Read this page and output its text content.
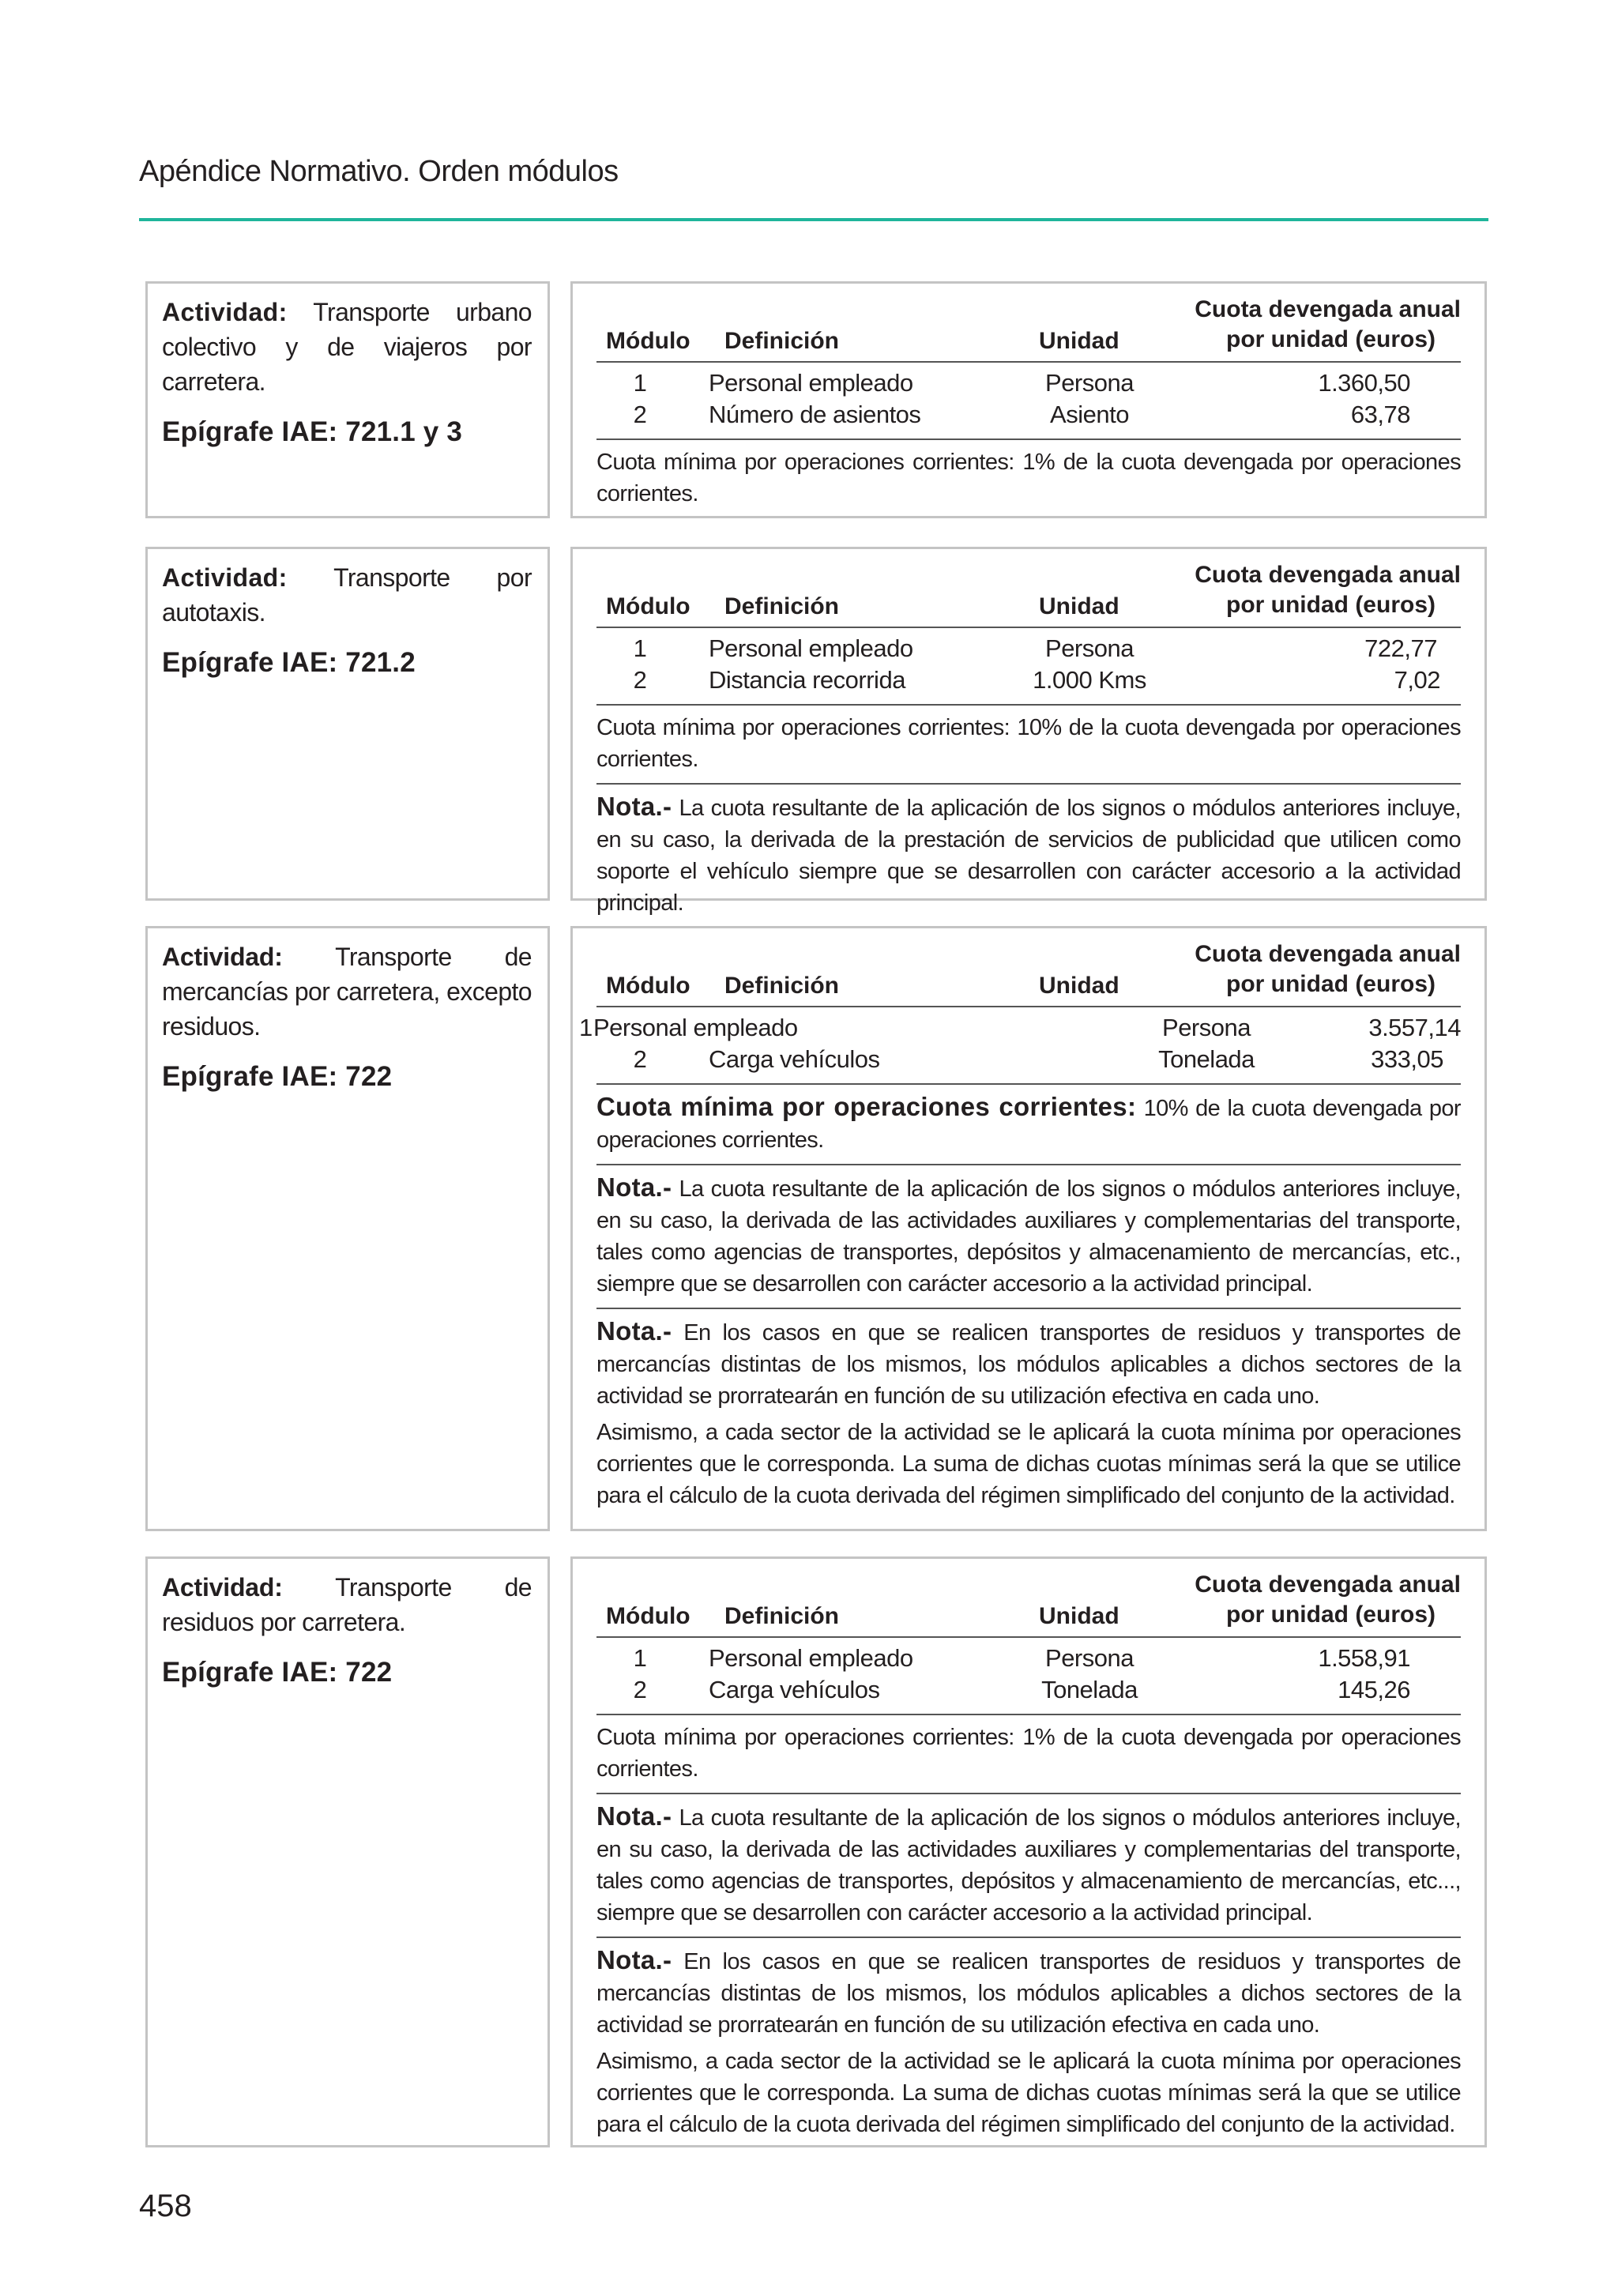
Apéndice Normativo. Orden módulos

Actividad: Transporte urbano colectivo y de viajeros por carretera.

Epígrafe IAE: 721.1 y 3
Módulo Definición	Unidad
Cuota devengada anual
por unidad (euros)
1	Personal empleado	Persona	1.360,50
2	Número de asientos	Asiento	63,78

Cuota mínima por operaciones corrientes: 1% de la cuota devengada por operaciones corrientes.

Actividad: Transporte por autotaxis.

Epígrafe IAE: 721.2
Módulo Definición	Unidad
Cuota devengada anual
por unidad (euros)
1	Personal empleado	Persona	722,77
2	Distancia recorrida	1.000 Kms	7,02

Cuota mínima por operaciones corrientes: 10% de la cuota devengada por operaciones corrientes.

Nota.- La cuota resultante de la aplicación de los signos o módulos anteriores incluye, en su caso, la derivada de la prestación de servicios de publicidad que utilicen como soporte el vehículo siempre que se desarrollen con carácter accesorio a la actividad principal.

Actividad: Transporte de mercancías por carretera, excepto residuos.

Epígrafe IAE: 722
Módulo Definición	Unidad
Cuota devengada anual
por unidad (euros)
1 Personal empleado	Persona	3.557,14
2	Carga vehículos	Tonelada	333,05

Cuota mínima por operaciones corrientes: 10% de la cuota devengada por operaciones corrientes.

Nota.- La cuota resultante de la aplicación de los signos o módulos anteriores incluye, en su caso, la derivada de las actividades auxiliares y complementarias del transporte, tales como agencias de transportes, depósitos y almacenamiento de mercancías, etc., siempre que se desarrollen con carácter accesorio a la actividad principal.

Nota.- En los casos en que se realicen transportes de residuos y transportes de mercancías distintas de los mismos, los módulos aplicables a dichos sectores de la actividad se prorratearán en función de su utilización efectiva en cada uno.

Asimismo, a cada sector de la actividad se le aplicará la cuota mínima por operaciones corrientes que le corresponda. La suma de dichas cuotas mínimas será la que se utilice para el cálculo de la cuota derivada del régimen simplificado del conjunto de la actividad.

Actividad: Transporte de residuos por carretera.

Epígrafe IAE: 722
Módulo Definición	Unidad
Cuota devengada anual
por unidad (euros)
1	Personal empleado	Persona	1.558,91
2	Carga vehículos	Tonelada	145,26

Cuota mínima por operaciones corrientes: 1% de la cuota devengada por operaciones corrientes.

Nota.- La cuota resultante de la aplicación de los signos o módulos anteriores incluye, en su caso, la derivada de las actividades auxiliares y complementarias del transporte, tales como agencias de transportes, depósitos y almacenamiento de mercancías, etc..., siempre que se desarrollen con carácter accesorio a la actividad principal.

Nota.- En los casos en que se realicen transportes de residuos y transportes de mercancías distintas de los mismos, los módulos aplicables a dichos sectores de la actividad se prorratearán en función de su utilización efectiva en cada uno.

Asimismo, a cada sector de la actividad se le aplicará la cuota mínima por operaciones corrientes que le corresponda. La suma de dichas cuotas mínimas será la que se utilice para el cálculo de la cuota derivada del régimen simplificado del conjunto de la actividad.

458
